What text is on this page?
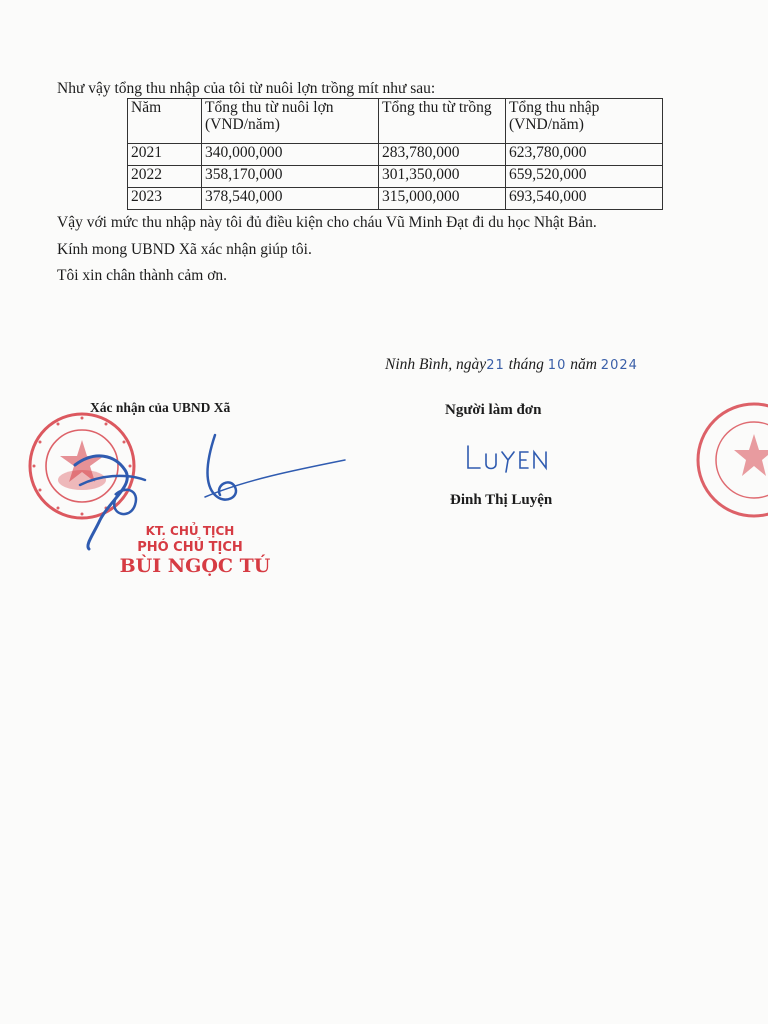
Như vậy tổng thu nhập của tôi từ nuôi lợn trồng mít như sau:
Năm	Tổng thu từ nuôi lợn (VND/năm)	Tổng thu từ trồng	Tổng thu nhập (VND/năm)
2021	340,000,000	283,780,000	623,780,000
2022	358,170,000	301,350,000	659,520,000
2023	378,540,000	315,000,000	693,540,000
Vậy với mức thu nhập này tôi đủ điều kiện cho cháu Vũ Minh Đạt đi du học Nhật Bản.
Kính mong UBND Xã xác nhận giúp tôi.
Tôi xin chân thành cảm ơn.
Ninh Bình, ngày21 tháng 10 năm 2024
Xác nhận của UBND Xã	Người làm đơn
KT. CHỦ TỊCH
PHÓ CHỦ TỊCH
BÙI NGỌC TÚ
Đinh Thị Luyện
